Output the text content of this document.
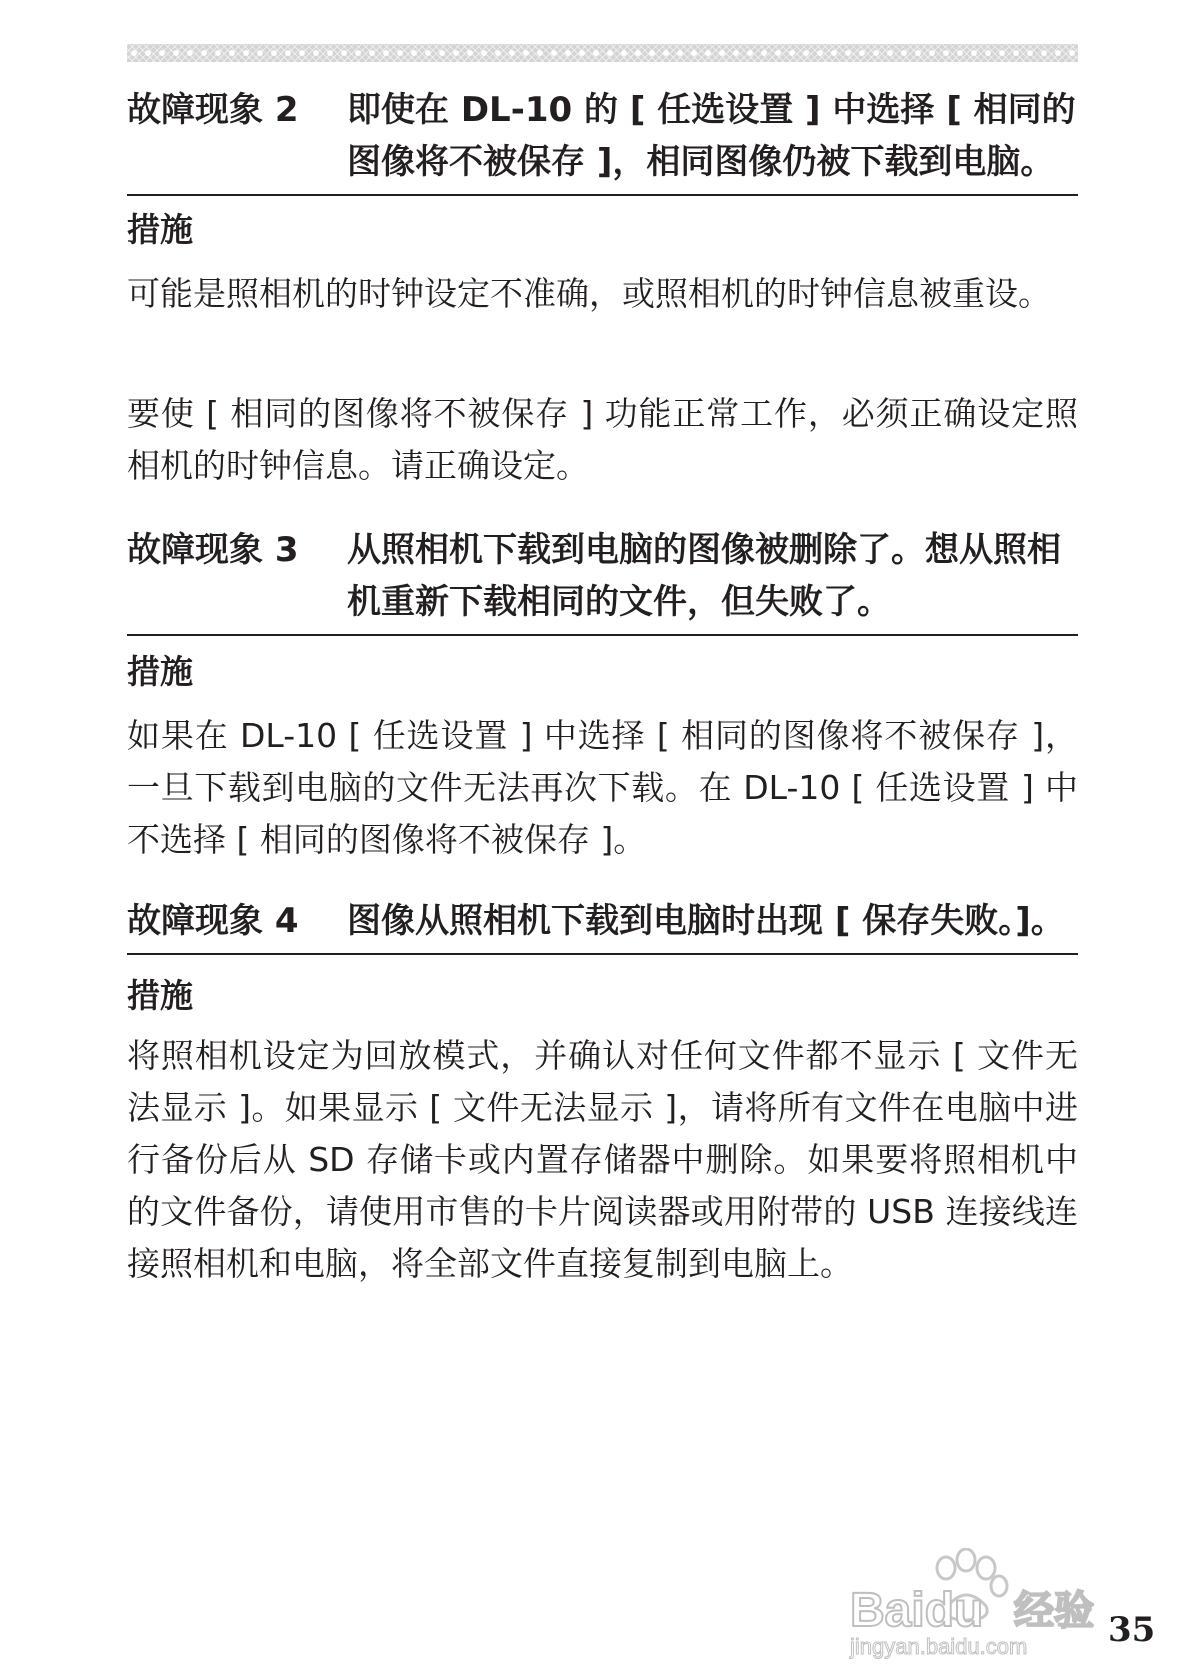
故障现象 2	即使在 DL-10 的 [ 任选设置 ] 中选择 [ 相同的图像将不被保存 ]，相同图像仍被下载到电脑。
措施
可能是照相机的时钟设定不准确，或照相机的时钟信息被重设。
要使 [ 相同的图像将不被保存 ] 功能正常工作，必须正确设定照相机的时钟信息。请正确设定。
故障现象 3	从照相机下载到电脑的图像被删除了。想从照相机重新下载相同的文件，但失败了。
措施
如果在 DL-10 [ 任选设置 ] 中选择 [ 相同的图像将不被保存 ]，一旦下载到电脑的文件无法再次下载。在 DL-10 [ 任选设置 ] 中不选择 [ 相同的图像将不被保存 ]。
故障现象 4	图像从照相机下载到电脑时出现 [ 保存失败。]。
措施
将照相机设定为回放模式，并确认对任何文件都不显示 [ 文件无法显示 ]。如果显示 [ 文件无法显示 ]，请将所有文件在电脑中进行备份后从 SD 存储卡或内置存储器中删除。如果要将照相机中的文件备份，请使用市售的卡片阅读器或用附带的 USB 连接线连接照相机和电脑，将全部文件直接复制到电脑上。
Baidu 经验
jingyan.baidu.com 35
